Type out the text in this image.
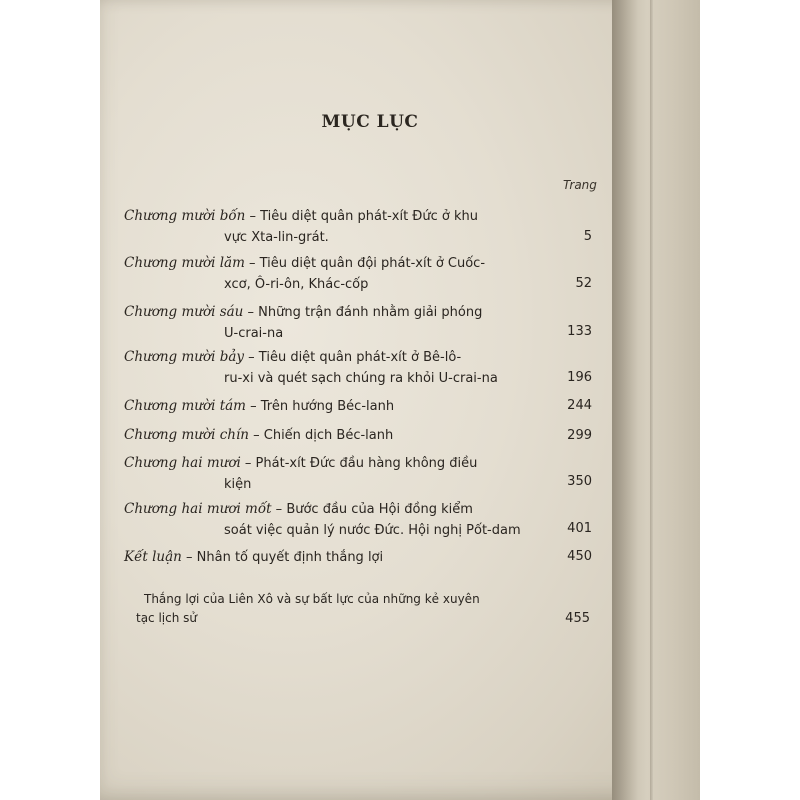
MỤC LỤC
Trang
Chương mười bốn – Tiêu diệt quân phát-xít Đức ở khu
vực Xta-lin-grát.	5
Chương mười lăm – Tiêu diệt quân đội phát-xít ở Cuốc-
xcơ, Ô-ri-ôn, Khác-cốp	52
Chương mười sáu – Những trận đánh nhằm giải phóng
U-crai-na	133
Chương mười bảy – Tiêu diệt quân phát-xít ở Bê-lô-
ru-xi và quét sạch chúng ra khỏi U-crai-na	196
Chương mười tám – Trên hướng Béc-lanh	244
Chương mười chín – Chiến dịch Béc-lanh	299
Chương hai mươi – Phát-xít Đức đầu hàng không điều
kiện	350
Chương hai mươi mốt – Bước đầu của Hội đồng kiểm
soát việc quản lý nước Đức. Hội nghị Pốt-dam	401
Kết luận – Nhân tố quyết định thắng lợi	450
Thắng lợi của Liên Xô và sự bất lực của những kẻ xuyên
tạc lịch sử	455
